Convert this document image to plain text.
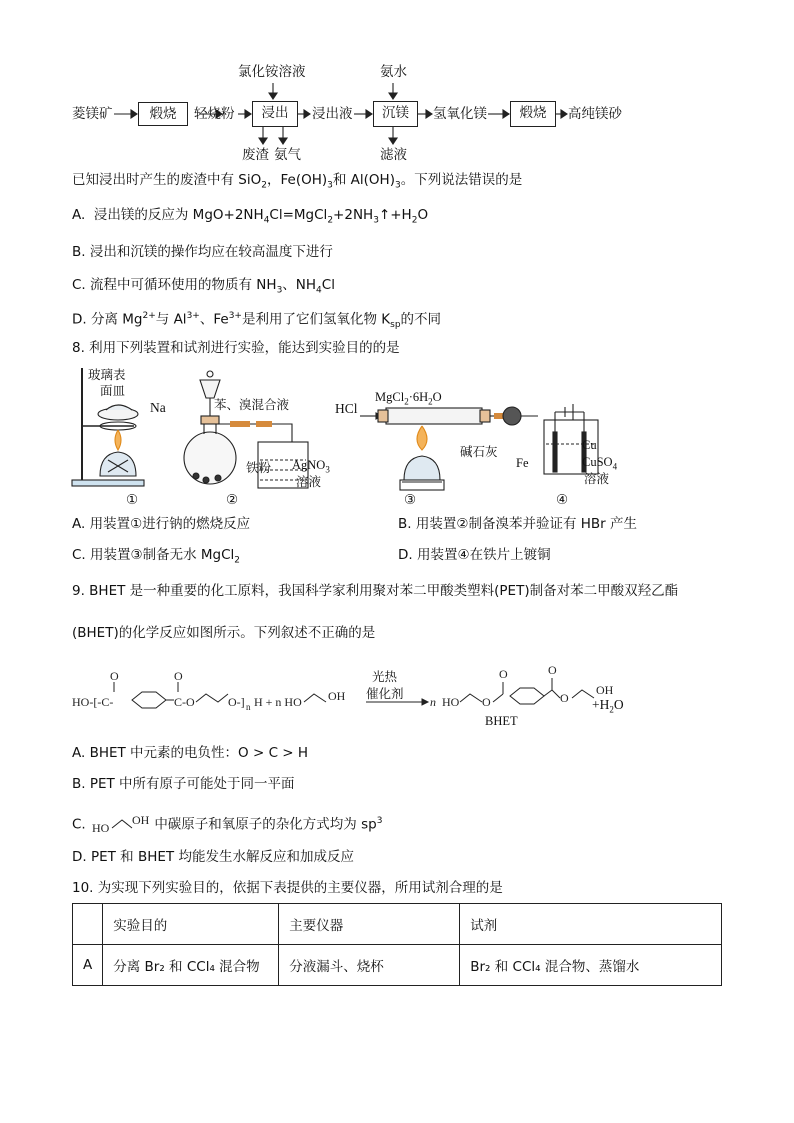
菱镁矿	煅烧	轻烧粉	浸出
氯化铵溶液
浸出液	沉镁
氨水
氢氧化镁	煅烧	高纯镁砂
废渣 氨气	滤液
已知浸出时产生的废渣中有 SiO$_2$，$Fe(OH)_3$和 $Al(OH)_3$。下列说法错误的是
A. 浸出镁的反应为 $MgO+2NH_4Cl=MgCl_2+2NH_3↑+H_2O$
B. 浸出和沉镁的操作均应在较高温度下进行
C. 流程中可循环使用的物质有 $NH_3$、$NH_4Cl$
D. 分离 $Mg^{2+}$与 $Al^{3+}$、$Fe^{3+}$是利用了它们氢氧化物 $K_{sp}$的不同
8. 利用下列装置和试剂进行实验，能达到实验目的的是
玻璃表
面皿
Na	苯、溴混合液
铁粉 AgNO$_3$
溶液
HCl
$MgCl_2\cdot 6H_2O$
碱石灰	Cu
Fe	CuSO$_4$
溶液
①	②	③	④
A. 用装置①进行钠的燃烧反应	B. 用装置②制备溴苯并验证有 HBr 产生
C. 用装置③制备无水 MgCl$_2$	D. 用装置④在铁片上镀铜
9. BHET 是一种重要的化工原料，我国科学家利用聚对苯二甲酸类塑料(PET)制备对苯二甲酸双羟乙酯
(BHET)的化学反应如图所示。下列叙述不正确的是
HO-[-C-
O
C-O
O
O-] n H + n HO OH	n HO O
O	O
O
OH
光热
催化剂
BHET
$+H_2O$
A. BHET 中元素的电负性：O > C > H
B. PET 中所有原子可能处于同一平面
C. HO
OH 中碳原子和氧原子的杂化方式均为 $sp^3$
D. PET 和 BHET 均能发生水解反应和加成反应
10. 为实现下列实验目的，依据下表提供的主要仪器，所用试剂合理的是
	实验目的	主要仪器	试剂
A	分离 Br₂ 和 CCl₄ 混合物	分液漏斗、烧杯	Br₂ 和 CCl₄ 混合物、蒸馏水
